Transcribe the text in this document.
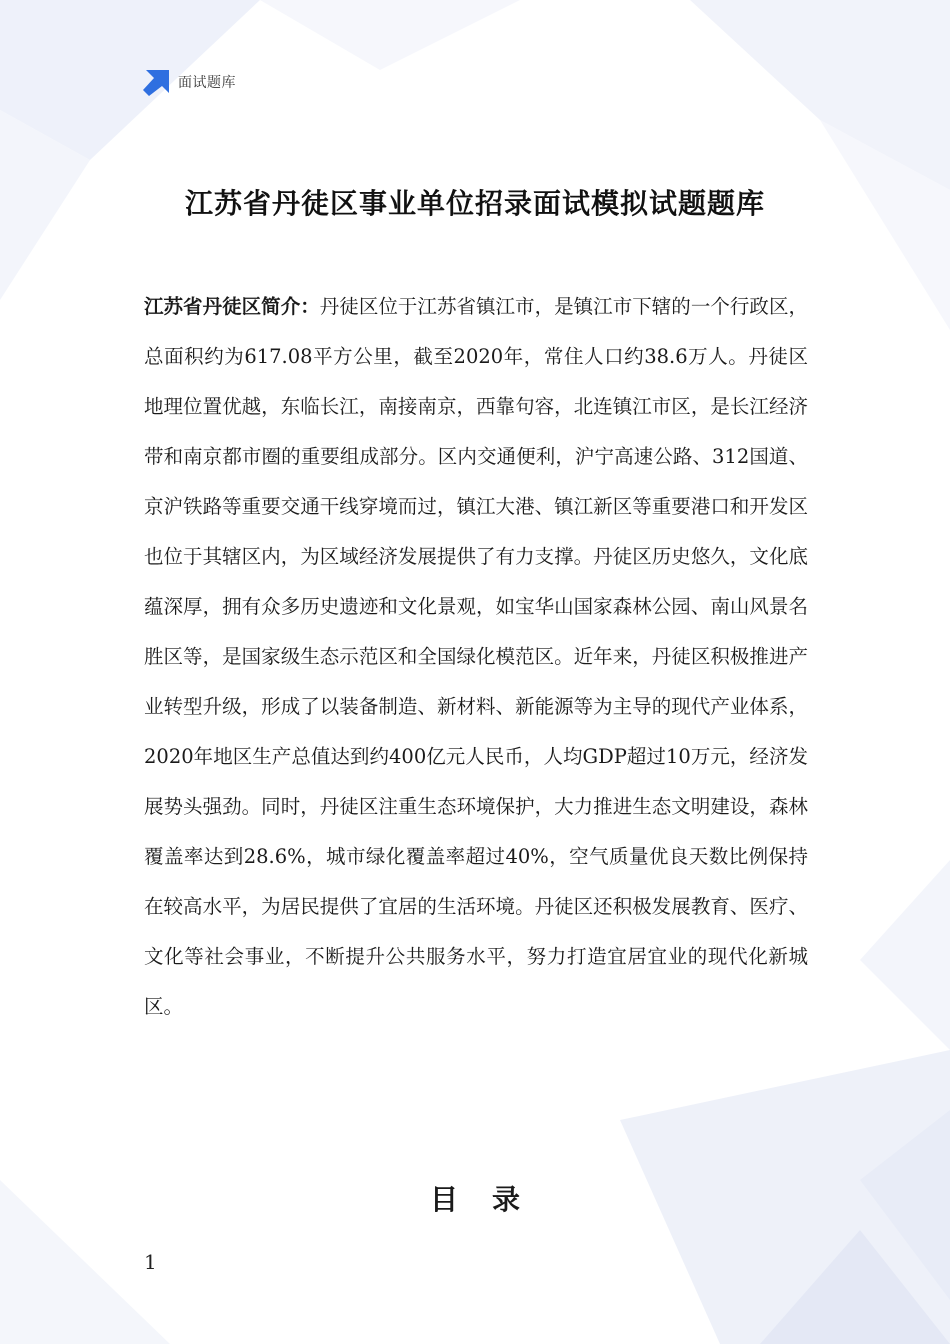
面试题库
江苏省丹徒区事业单位招录面试模拟试题题库
江苏省丹徒区简介：丹徒区位于江苏省镇江市，是镇江市下辖的一个行政区，总面积约为617.08平方公里，截至2020年，常住人口约38.6万人。丹徒区地理位置优越，东临长江，南接南京，西靠句容，北连镇江市区，是长江经济带和南京都市圈的重要组成部分。区内交通便利，沪宁高速公路、312国道、京沪铁路等重要交通干线穿境而过，镇江大港、镇江新区等重要港口和开发区也位于其辖区内，为区域经济发展提供了有力支撑。丹徒区历史悠久，文化底蕴深厚，拥有众多历史遗迹和文化景观，如宝华山国家森林公园、南山风景名胜区等，是国家级生态示范区和全国绿化模范区。近年来，丹徒区积极推进产业转型升级，形成了以装备制造、新材料、新能源等为主导的现代产业体系，2020年地区生产总值达到约400亿元人民币，人均GDP超过10万元，经济发展势头强劲。同时，丹徒区注重生态环境保护，大力推进生态文明建设，森林覆盖率达到28.6%，城市绿化覆盖率超过40%，空气质量优良天数比例保持在较高水平，为居民提供了宜居的生活环境。丹徒区还积极发展教育、医疗、文化等社会事业，不断提升公共服务水平，努力打造宜居宜业的现代化新城区。
目录
1
